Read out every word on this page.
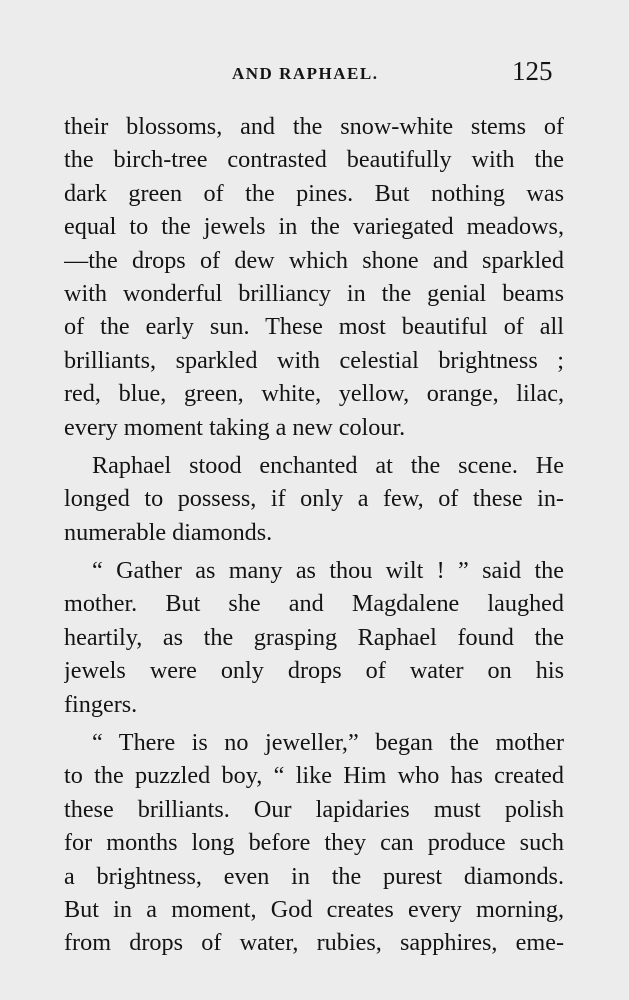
AND RAPHAEL.	125
their blossoms, and the snow-white stems of
the birch-tree contrasted beautifully with the
dark green of the pines. But nothing was
equal to the jewels in the variegated meadows,
—the drops of dew which shone and sparkled
with wonderful brilliancy in the genial beams
of the early sun. These most beautiful of all
brilliants, sparkled with celestial brightness ;
red, blue, green, white, yellow, orange, lilac,
every moment taking a new colour.
Raphael stood enchanted at the scene. He
longed to possess, if only a few, of these in-
numerable diamonds.
“ Gather as many as thou wilt ! ” said the
mother. But she and Magdalene laughed
heartily, as the grasping Raphael found the
jewels were only drops of water on his
fingers.
“ There is no jeweller,” began the mother
to the puzzled boy, “ like Him who has created
these brilliants. Our lapidaries must polish
for months long before they can produce such
a brightness, even in the purest diamonds.
But in a moment, God creates every morning,
from drops of water, rubies, sapphires, eme-
